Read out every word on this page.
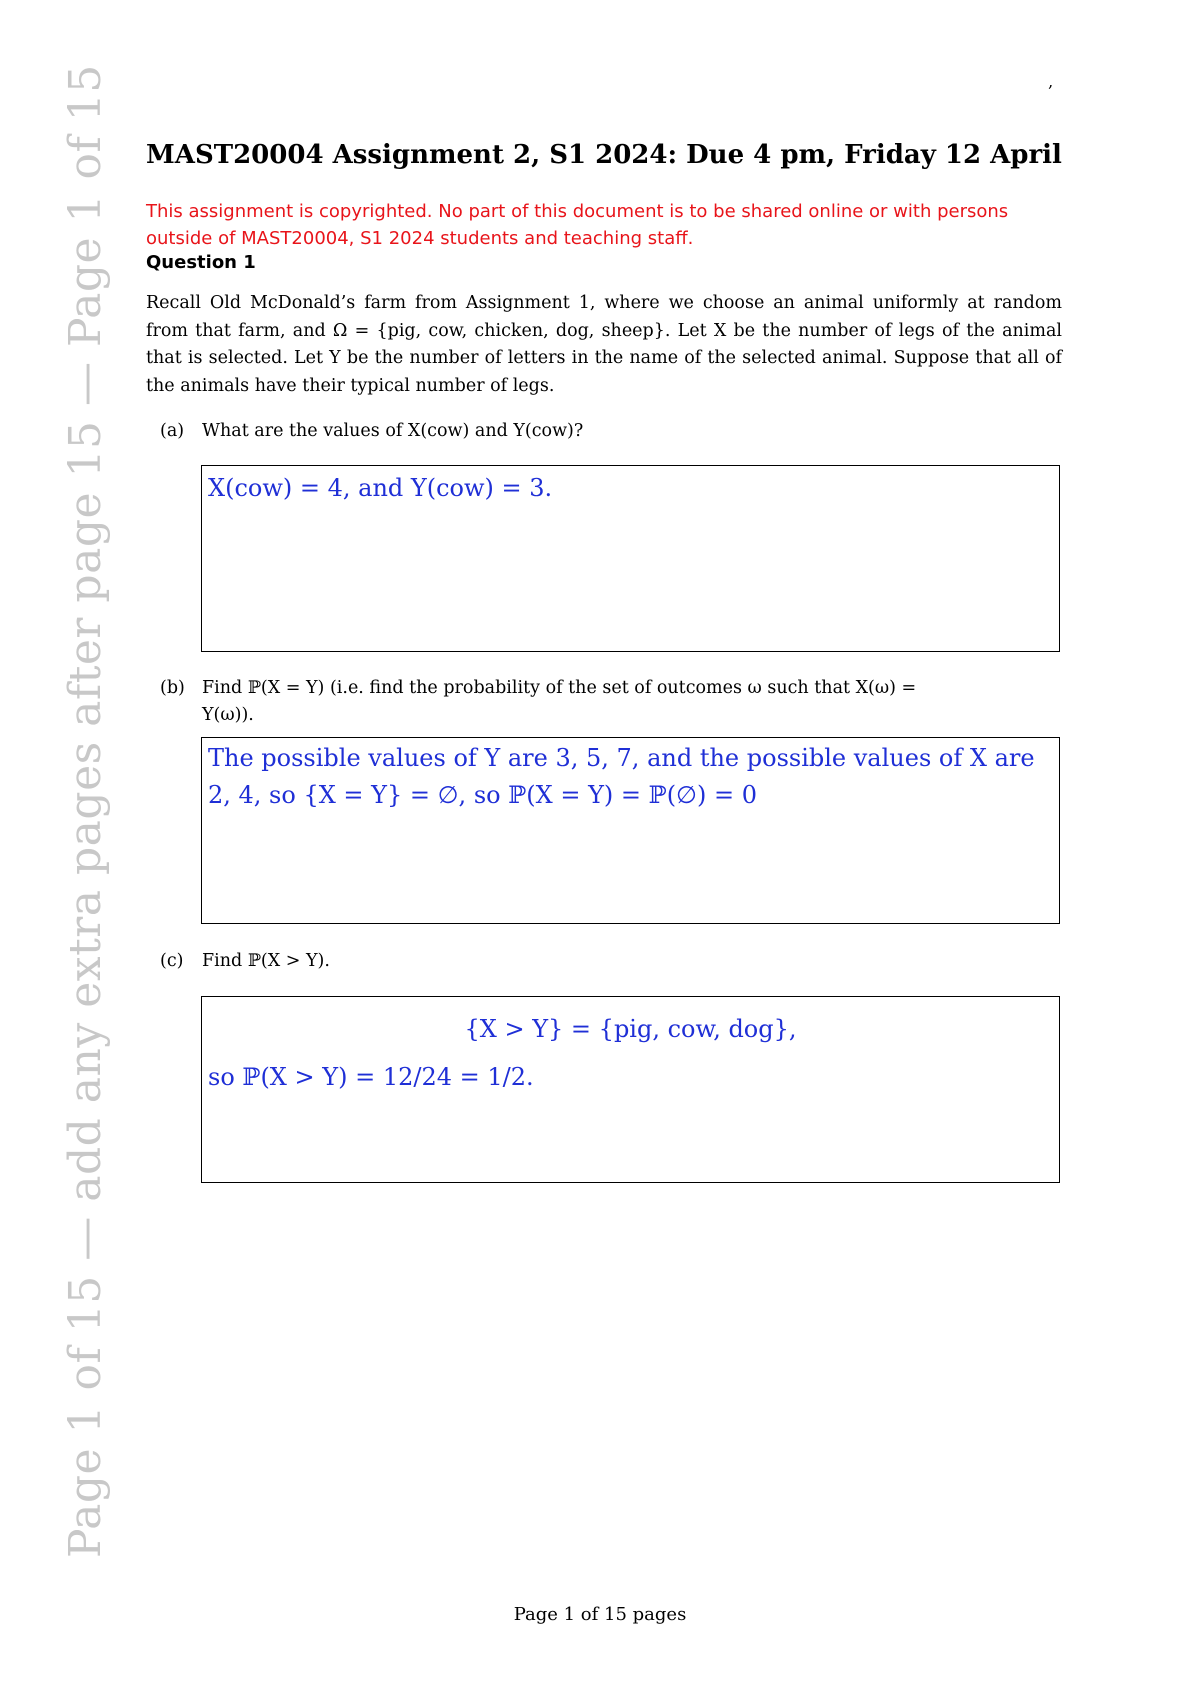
‚
Page 1 of 15 — add any extra pages after page 15 — Page 1 of 15 MAST20004 Assignment 2, S1 2024: Due 4 pm, Friday 12 April
This assignment is copyrighted. No part of this document is to be shared online or with persons outside of MAST20004, S1 2024 students and teaching staff.
Question 1
Recall Old McDonald’s farm from Assignment 1, where we choose an animal uniformly at random from that farm, and Ω = {pig, cow, chicken, dog, sheep}. Let X be the number of legs of the animal that is selected. Let Y be the number of letters in the name of the selected animal. Suppose that all of the animals have their typical number of legs.
(a) What are the values of X(cow) and Y(cow)?
X(cow) = 4, and Y(cow) = 3.
(b) Find ℙ(X = Y) (i.e. find the probability of the set of outcomes ω such that X(ω) =
Y(ω)).
The possible values of Y are 3, 5, 7, and the possible values of X are 2, 4, so {X = Y} = ∅, so ℙ(X = Y) = ℙ(∅) = 0
(c) Find ℙ(X > Y).
{X > Y} = {pig, cow, dog},
so ℙ(X > Y) = 12/24 = 1/2.
Page 1 of 15 pages
